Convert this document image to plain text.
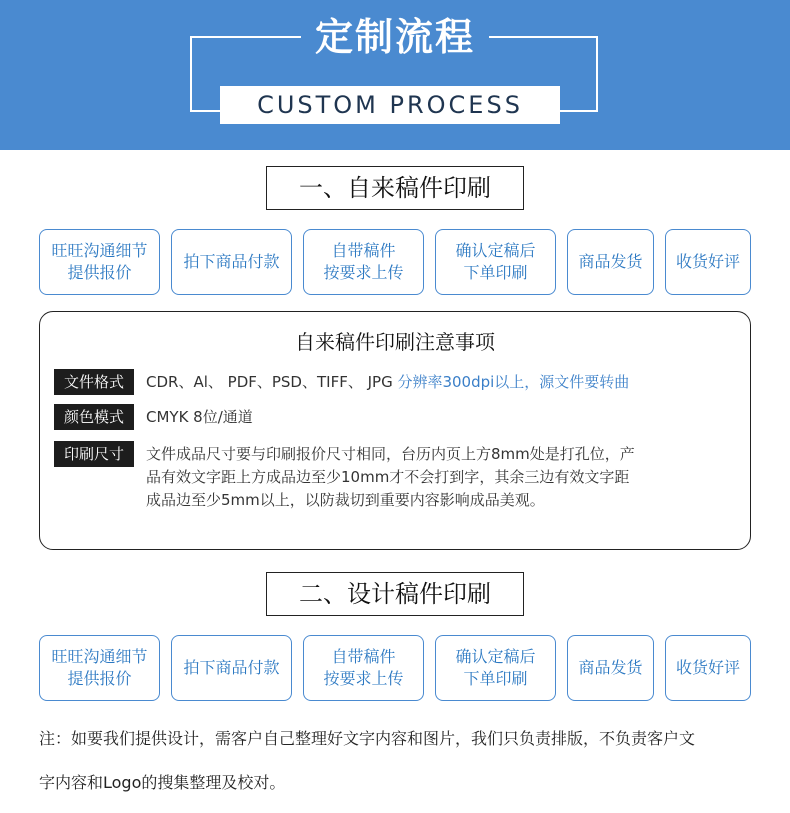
定制流程
CUSTOM PROCESS
一、自来稿件印刷
旺旺沟通细节
提供报价
拍下商品付款
自带稿件
按要求上传
确认定稿后
下单印刷
商品发货	收货好评
自来稿件印刷注意事项
文件格式	CDR、Al、 PDF、PSD、TIFF、 JPG 分辨率300dpi以上，源文件要转曲
颜色模式	CMYK 8位/通道
印刷尺寸	文件成品尺寸要与印刷报价尺寸相同，台历内页上方8mm处是打孔位，产
品有效文字距上方成品边至少10mm才不会打到字，其余三边有效文字距
成品边至少5mm以上，以防裁切到重要内容影响成品美观。
二、设计稿件印刷
旺旺沟通细节
提供报价
拍下商品付款
自带稿件
按要求上传
确认定稿后
下单印刷
商品发货	收货好评
注：如要我们提供设计，需客户自己整理好文字内容和图片，我们只负责排版，不负责客户文
字内容和Logo的搜集整理及校对。
